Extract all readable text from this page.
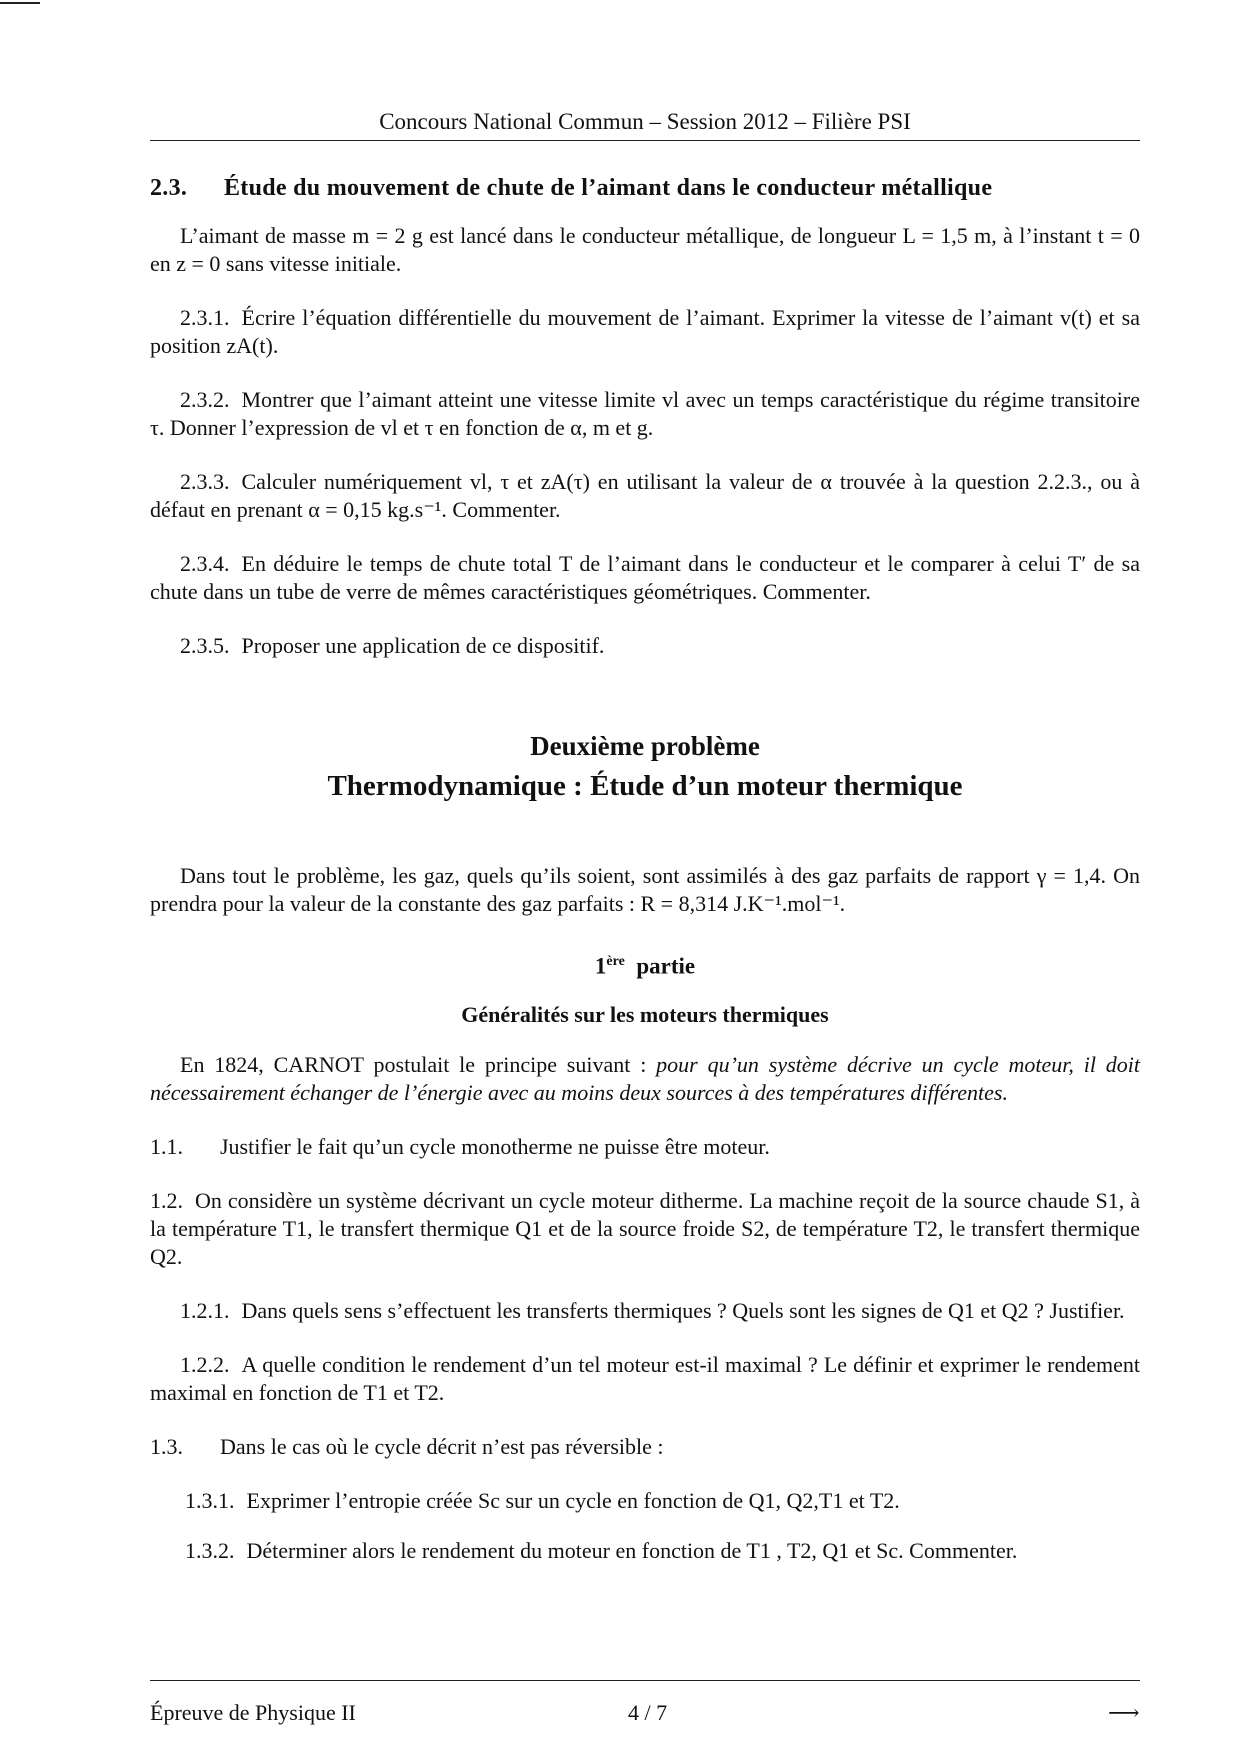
Concours National Commun – Session 2012 – Filière PSI
2.3. Étude du mouvement de chute de l’aimant dans le conducteur métallique

L’aimant de masse m = 2 g est lancé dans le conducteur métallique, de longueur L = 1,5 m, à l’instant t = 0 en z = 0 sans vitesse initiale.

2.3.1. Écrire l’équation différentielle du mouvement de l’aimant. Exprimer la vitesse de l’aimant v(t) et sa position zA(t).

2.3.2. Montrer que l’aimant atteint une vitesse limite vl avec un temps caractéristique du régime transitoire τ. Donner l’expression de vl et τ en fonction de α, m et g.

2.3.3. Calculer numériquement vl, τ et zA(τ) en utilisant la valeur de α trouvée à la question 2.2.3., ou à défaut en prenant α = 0,15 kg.s⁻¹. Commenter.

2.3.4. En déduire le temps de chute total T de l’aimant dans le conducteur et le comparer à celui T′ de sa chute dans un tube de verre de mêmes caractéristiques géométriques. Commenter.

2.3.5. Proposer une application de ce dispositif.

Deuxième problème
Thermodynamique : Étude d’un moteur thermique

Dans tout le problème, les gaz, quels qu’ils soient, sont assimilés à des gaz parfaits de rapport γ = 1,4. On prendra pour la valeur de la constante des gaz parfaits : R = 8,314 J.K⁻¹.mol⁻¹.

1ère partie
Généralités sur les moteurs thermiques

En 1824, CARNOT postulait le principe suivant : pour qu’un système décrive un cycle moteur, il doit nécessairement échanger de l’énergie avec au moins deux sources à des températures différentes.

1.1. Justifier le fait qu’un cycle monotherme ne puisse être moteur.

1.2. On considère un système décrivant un cycle moteur ditherme. La machine reçoit de la source chaude S1, à la température T1, le transfert thermique Q1 et de la source froide S2, de température T2, le transfert thermique Q2.

1.2.1. Dans quels sens s’effectuent les transferts thermiques ? Quels sont les signes de Q1 et Q2 ? Justifier.

1.2.2. A quelle condition le rendement d’un tel moteur est-il maximal ? Le définir et exprimer le rendement maximal en fonction de T1 et T2.

1.3. Dans le cas où le cycle décrit n’est pas réversible :

1.3.1. Exprimer l’entropie créée Sc sur un cycle en fonction de Q1, Q2,T1 et T2.

1.3.2. Déterminer alors le rendement du moteur en fonction de T1 , T2, Q1 et Sc. Commenter.

Épreuve de Physique II	4 / 7	⟶
